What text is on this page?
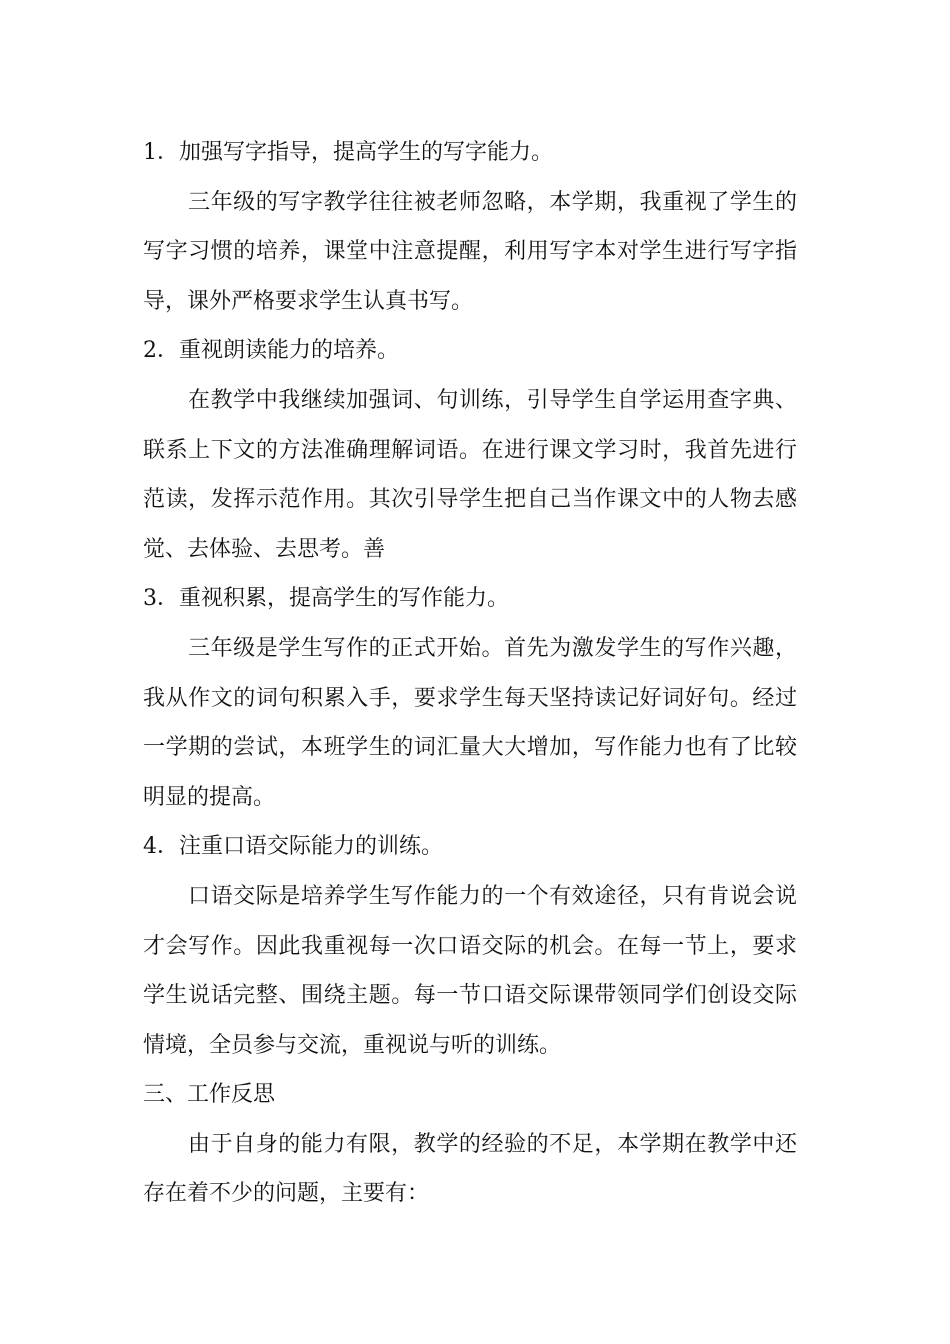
1．加强写字指导，提高学生的写字能力。
三年级的写字教学往往被老师忽略，本学期，我重视了学生的
写字习惯的培养，课堂中注意提醒，利用写字本对学生进行写字指
导，课外严格要求学生认真书写。
2．重视朗读能力的培养。
在教学中我继续加强词、句训练，引导学生自学运用查字典、
联系上下文的方法准确理解词语。在进行课文学习时，我首先进行
范读，发挥示范作用。其次引导学生把自己当作课文中的人物去感
觉、去体验、去思考。善
3．重视积累，提高学生的写作能力。
三年级是学生写作的正式开始。首先为激发学生的写作兴趣，
我从作文的词句积累入手，要求学生每天坚持读记好词好句。经过
一学期的尝试，本班学生的词汇量大大增加，写作能力也有了比较
明显的提高。
4．注重口语交际能力的训练。
口语交际是培养学生写作能力的一个有效途径，只有肯说会说
才会写作。因此我重视每一次口语交际的机会。在每一节上，要求
学生说话完整、围绕主题。每一节口语交际课带领同学们创设交际
情境，全员参与交流，重视说与听的训练。
三、工作反思
由于自身的能力有限，教学的经验的不足，本学期在教学中还
存在着不少的问题，主要有：
